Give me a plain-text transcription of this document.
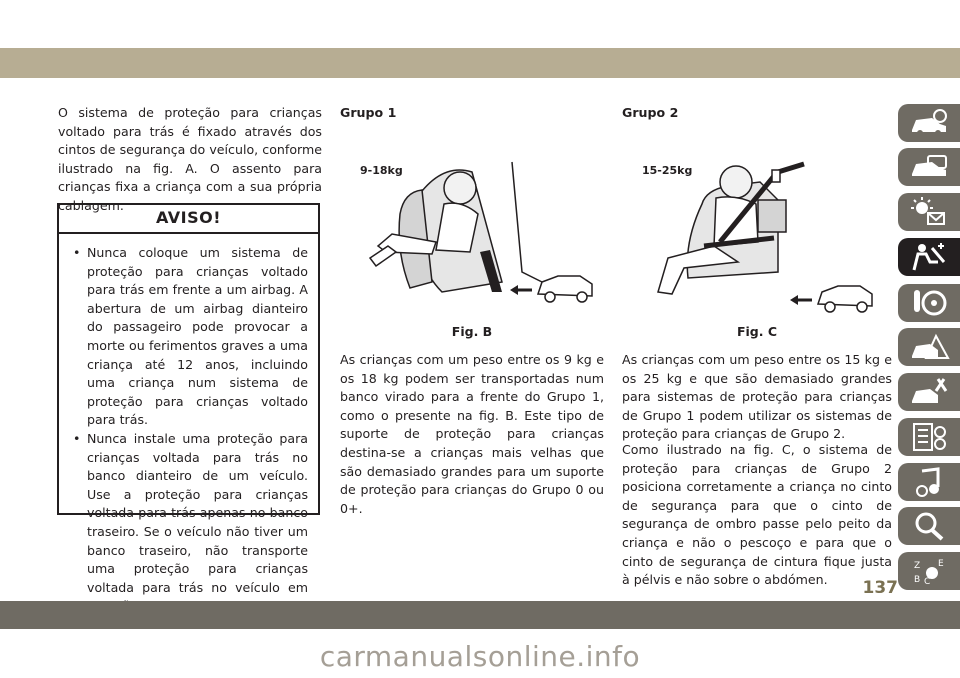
O sistema de proteção para crianças voltado para trás é fixado através dos cintos de segurança do veículo, conforme ilustrado na fig. A. O assento para crianças fixa a criança com a sua própria cablagem.

AVISO!
• Nunca coloque um sistema de proteção para crianças voltado para trás em frente a um airbag. A abertura de um airbag dianteiro do passageiro pode provocar a morte ou ferimentos graves a uma criança até 12 anos, incluindo uma criança num sistema de proteção para crianças voltado para trás.
• Nunca instale uma proteção para crianças voltada para trás no banco dianteiro de um veículo. Use a proteção para crianças voltada para trás apenas no banco traseiro. Se o veículo não tiver um banco traseiro, não transporte uma proteção para crianças voltada para trás no veículo em
Grupo 1
9-18kg
Fig. B
As crianças com um peso entre os 9 kg e os 18 kg podem ser transportadas num banco virado para a frente do Grupo 1, como o presente na fig. B. Este tipo de suporte de proteção para crianças destina-se a crianças mais velhas que são demasiado grandes para um suporte de proteção para crianças do Grupo 0 ou 0+.
Grupo 2
15-25kg
Fig. C
As crianças com um peso entre os 15 kg e os 25 kg e que são demasiado grandes para sistemas de proteção para crianças de Grupo 1 podem utilizar os sistemas de proteção para crianças de Grupo 2.
Como ilustrado na fig. C, o sistema de proteção para crianças de Grupo 2 posiciona corretamente a criança no cinto de segurança para que o cinto de segurança de ombro passe pelo peito da criança e não o pescoço e para que o cinto de segurança de cintura fique justa à pélvis e não sobre o abdómen.
Z E
B C
137
carmanualsonline.info
